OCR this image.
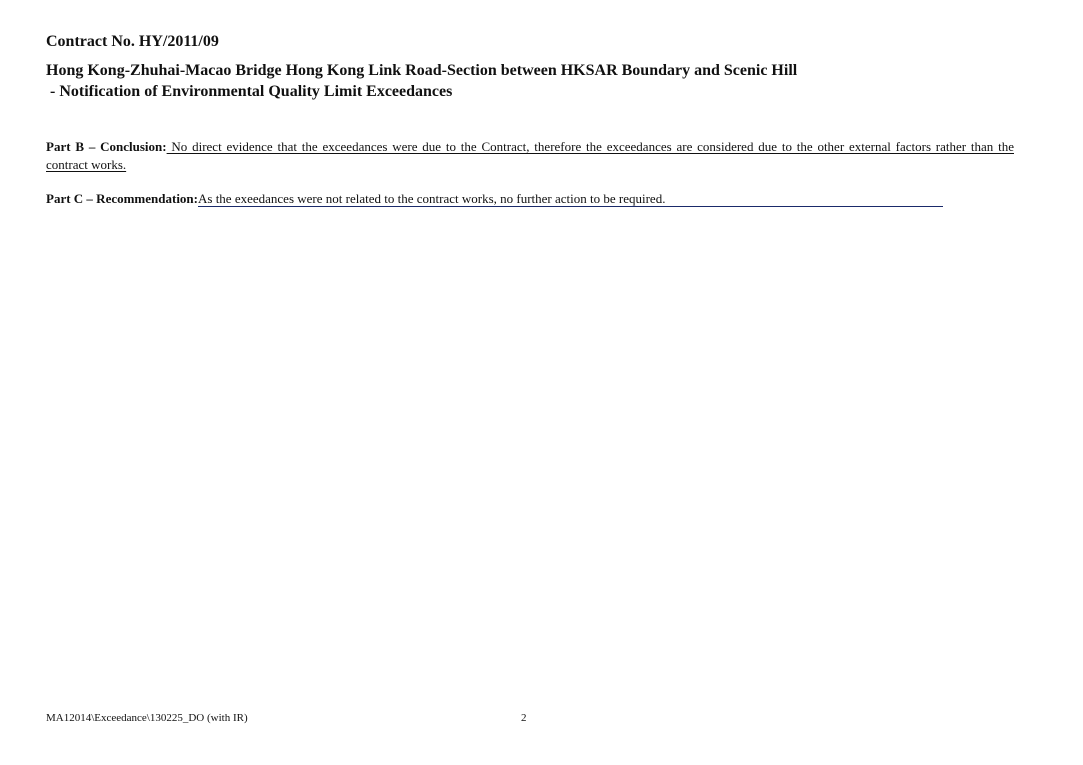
Contract No. HY/2011/09
Hong Kong-Zhuhai-Macao Bridge Hong Kong Link Road-Section between HKSAR Boundary and Scenic Hill
- Notification of Environmental Quality Limit Exceedances
Part B – Conclusion: No direct evidence that the exceedances were due to the Contract, therefore the exceedances are considered due to the other external factors rather than the contract works.
Part C – Recommendation:As the exeedances were not related to the contract works, no further action to be required.
MA12014\Exceedance\130225_DO (with IR)	2
